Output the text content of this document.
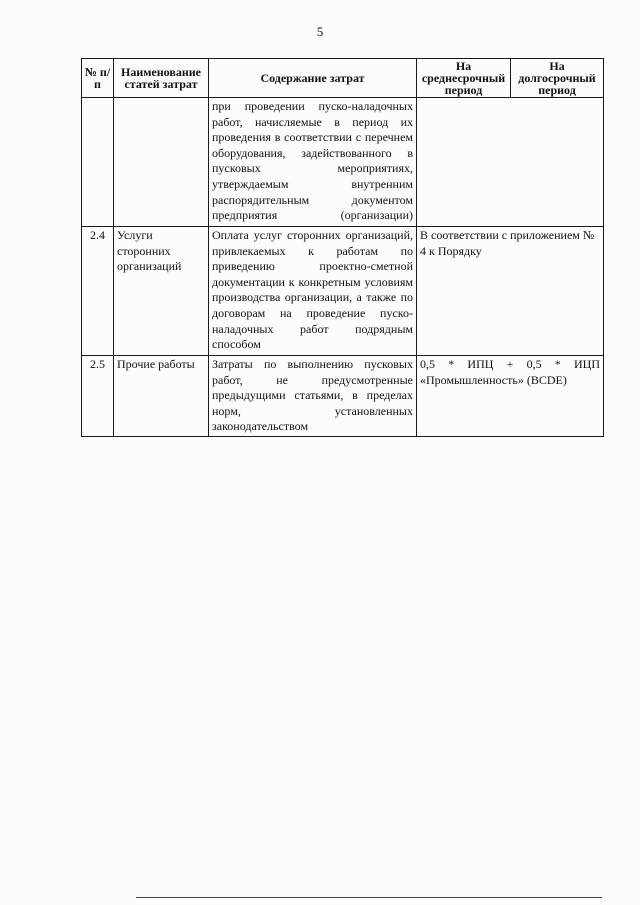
5
№ п/п	Наименование статей затрат	Содержание затрат	На среднесрочный период	На долгосрочный период
		при проведении пуско-наладочных работ, начисляемые в период их проведения в соответствии с перечнем оборудования, задействованного в пусковых мероприятиях, утверждаемым внутренним распорядительным документом предприятия (организации)		
2.4	Услуги сторонних организаций	Оплата услуг сторонних организаций, привлекаемых к работам по приведению проектно-сметной документации к конкретным условиям производства организации, а также по договорам на проведение пуско-наладочных работ подрядным способом	В соответствии с приложением № 4 к Порядку	
2.5	Прочие работы	Затраты по выполнению пусковых работ, не предусмотренные предыдущими статьями, в пределах норм, установленных законодательством	0,5 * ИПЦ + 0,5 * ИЦП «Промышленность» (BCDE)	
